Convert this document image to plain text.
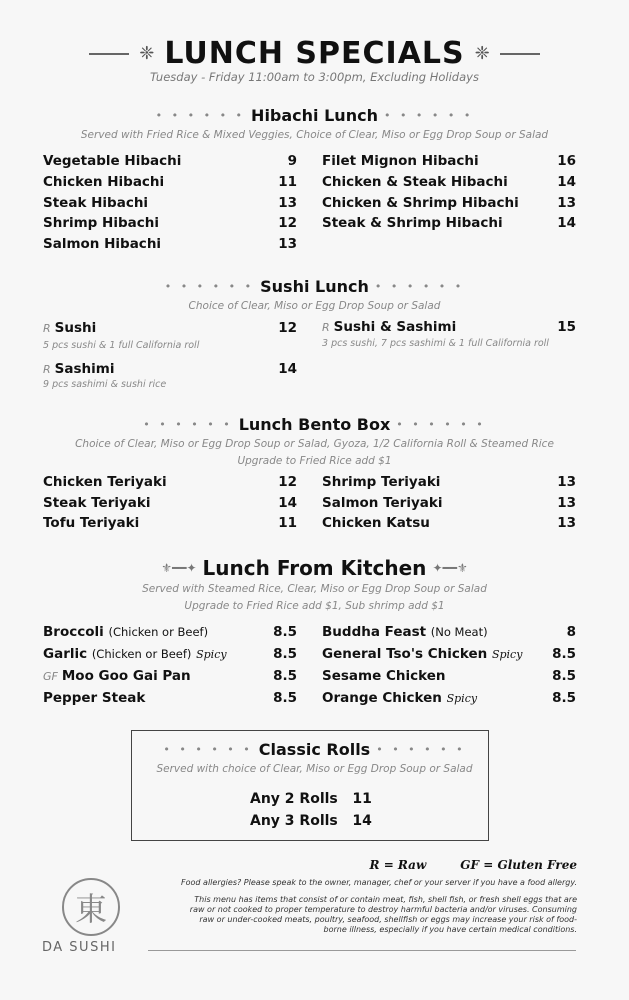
❈ LUNCH SPECIALS ❈
Tuesday - Friday 11:00am to 3:00pm, Excluding Holidays
• • • • • • Hibachi Lunch • • • • • •
Served with Fried Rice & Mixed Veggies, Choice of Clear, Miso or Egg Drop Soup or Salad
Vegetable Hibachi	9
Chicken Hibachi	11
Steak Hibachi	13
Shrimp Hibachi	12
Salmon Hibachi	13
Filet Mignon Hibachi	16
Chicken & Steak Hibachi	14
Chicken & Shrimp Hibachi	13
Steak & Shrimp Hibachi	14
• • • • • • Sushi Lunch • • • • • •
Choice of Clear, Miso or Egg Drop Soup or Salad
R Sushi	12
5 pcs sushi & 1 full California roll
R Sushi & Sashimi	15
3 pcs sushi, 7 pcs sashimi & 1 full California roll
R Sashimi	14
9 pcs sashimi & sushi rice
• • • • • • Lunch Bento Box • • • • • •
Choice of Clear, Miso or Egg Drop Soup or Salad, Gyoza, 1/2 California Roll & Steamed Rice
Upgrade to Fried Rice add $1
Chicken Teriyaki	12
Steak Teriyaki	14
Tofu Teriyaki	11
Shrimp Teriyaki	13
Salmon Teriyaki	13
Chicken Katsu	13
⚜━━✦ Lunch From Kitchen ✦━━⚜
Served with Steamed Rice, Clear, Miso or Egg Drop Soup or Salad
Upgrade to Fried Rice add $1, Sub shrimp add $1
Broccoli (Chicken or Beef)	8.5
Garlic (Chicken or Beef) Spicy	8.5
GF Moo Goo Gai Pan	8.5
Pepper Steak	8.5
Buddha Feast (No Meat)	8
General Tso's Chicken Spicy 8.5
Sesame Chicken	8.5
Orange Chicken Spicy	8.5
• • • • • • Classic Rolls • • • • • •
Served with choice of Clear, Miso or Egg Drop Soup or Salad
Any 2 Rolls 11
Any 3 Rolls 14
R = Raw	GF = Gluten Free
Food allergies? Please speak to the owner, manager, chef or your server if you have a food allergy.
This menu has items that consist of or contain meat, fish, shell fish, or fresh shell eggs that are
raw or not cooked to proper temperature to destroy harmful bacteria and/or viruses. Consuming
raw or under-cooked meats, poultry, seafood, shellfish or eggs may increase your risk of food-
borne illness, especially if you have certain medical conditions.
東
DA SUSHI
